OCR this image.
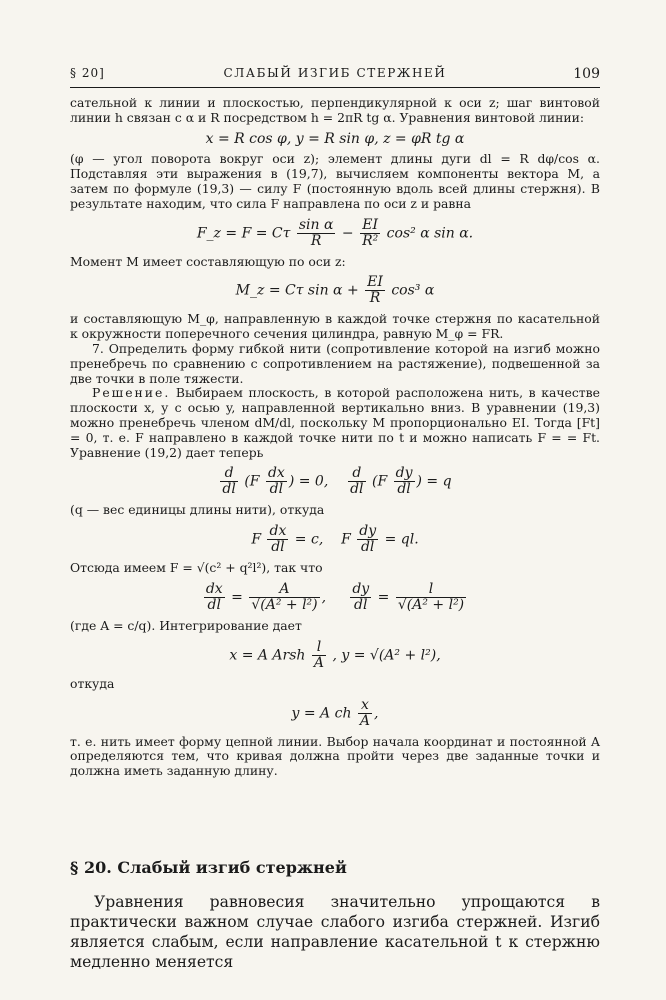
§ 20]	СЛАБЫЙ ИЗГИБ СТЕРЖНЕЙ	109

сательной к линии и плоскостью, перпендикулярной к оси z; шаг винтовой линии h связан с α и R посредством h = 2πR tg α. Уравнения винтовой линии:

x = R cos φ, y = R sin φ, z = φR tg α

(φ — угол поворота вокруг оси z); элемент длины дуги dl = R dφ/cos α. Подставляя эти выражения в (19,7), вычисляем компоненты вектора M, а затем по формуле (19,3) — силу F (постоянную вдоль всей длины стержня). В результате находим, что сила F направлена по оси z и равна

F_z = F = Cτ $\frac{\text{sin α}}{R} - \frac{EI}{\text{R²}} \cos^2$ α sin α.

Момент M имеет составляющую по оси z:

M_z = Cτ $\sin \alpha + \frac{EI}{R} \cos^3$ α

и составляющую M_φ, направленную в каждой точке стержня по касательной к окружности поперечного сечения цилиндра, равную M_φ = FR.

7. Определить форму гибкой нити (сопротивление которой на изгиб можно пренебречь по сравнению с сопротивлением на растяжение), подвешенной за две точки в поле тяжести.

Решение. Выбираем плоскость, в которой расположена нить, в качестве плоскости x, y с осью y, направленной вертикально вниз. В уравнении (19,3) можно пренебречь членом dM/dl, поскольку M пропорционально EI. Тогда [Ft] = 0, т. е. F направлено в каждой точке нити по t и можно написать F = = Ft. Уравнение (19,2) дает теперь

$\frac{d}{dl} (F \frac{dx}{dl}$ ) = 0, $\frac{d}{dl} (F \frac{dy}{dl}$ ) = q

(q — вес единицы длины нити), откуда

F $\frac{dx}{dl} = c$, F $\frac{dy}{dl}$ = ql.

Отсюда имеем F = √(c² + q²l²), так что

$\frac{dx}{dl} = \frac{A}{\text{√(A² + l²)}}$ , $\frac{dy}{dl} = \frac{l}{\text{√(A² + l²)}}$

(где A = c/q). Интегрирование дает

x = A Arsh $\frac{l}{A}$ , y = √(A² + l²),

откуда

y = A ch $\frac{x}{A}$ ,

т. е. нить имеет форму цепной линии. Выбор начала координат и постоянной A определяются тем, что кривая должна пройти через две заданные точки и должна иметь заданную длину.

§ 20. Слабый изгиб стержней

Уравнения равновесия значительно упрощаются в практически важном случае слабого изгиба стержней. Изгиб является слабым, если направление касательной t к стержню медленно меняется
